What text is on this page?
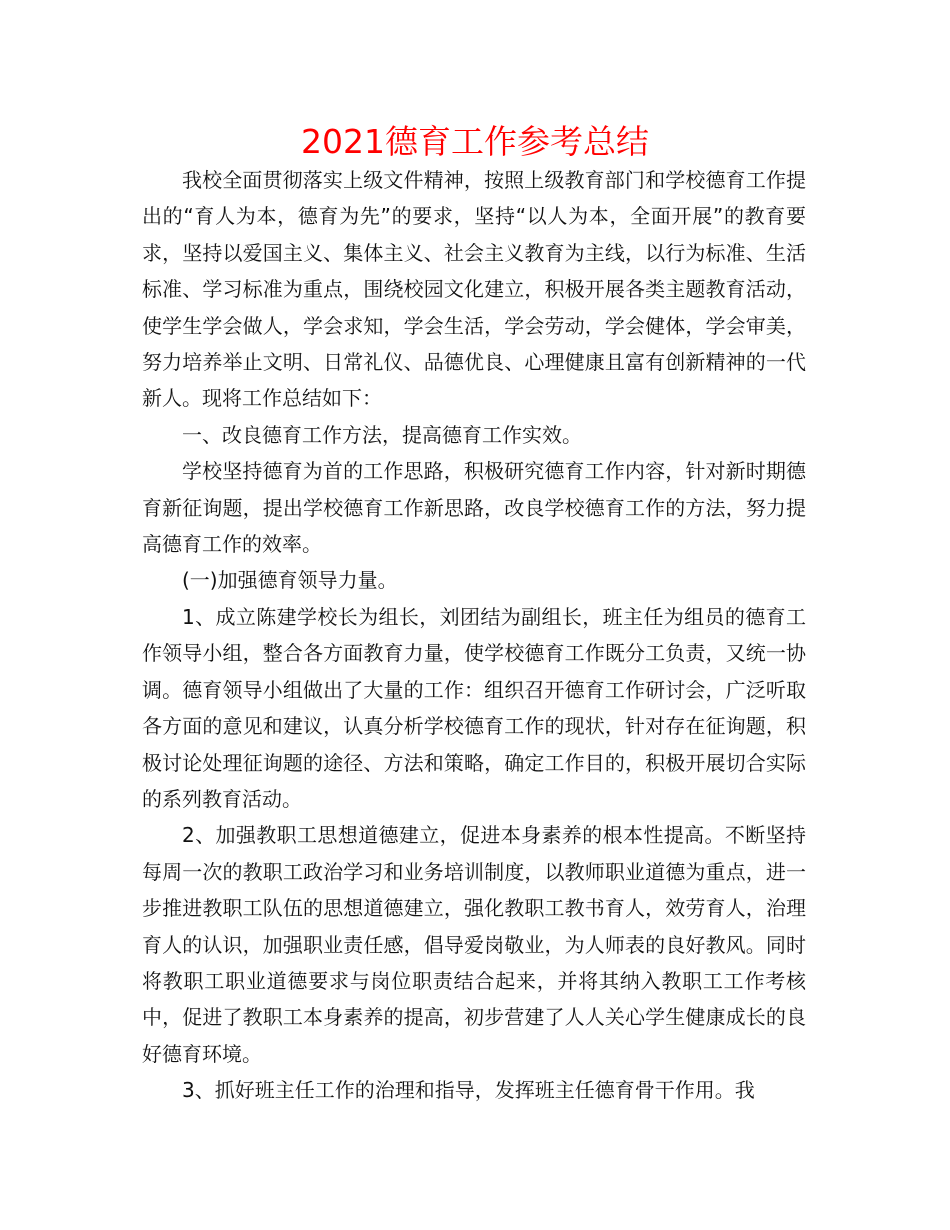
2021德育工作参考总结

我校全面贯彻落实上级文件精神，按照上级教育部门和学校德育工作提出的“育人为本，德育为先”的要求，坚持“以人为本，全面开展”的教育要求，坚持以爱国主义、集体主义、社会主义教育为主线，以行为标准、生活标准、学习标准为重点，围绕校园文化建立，积极开展各类主题教育活动，使学生学会做人，学会求知，学会生活，学会劳动，学会健体，学会审美，努力培养举止文明、日常礼仪、品德优良、心理健康且富有创新精神的一代新人。现将工作总结如下：

一、改良德育工作方法，提高德育工作实效。

学校坚持德育为首的工作思路，积极研究德育工作内容，针对新时期德育新征询题，提出学校德育工作新思路，改良学校德育工作的方法，努力提高德育工作的效率。

(一)加强德育领导力量。

1、成立陈建学校长为组长，刘团结为副组长，班主任为组员的德育工作领导小组，整合各方面教育力量，使学校德育工作既分工负责，又统一协调。德育领导小组做出了大量的工作：组织召开德育工作研讨会，广泛听取各方面的意见和建议，认真分析学校德育工作的现状，针对存在征询题，积极讨论处理征询题的途径、方法和策略，确定工作目的，积极开展切合实际的系列教育活动。

2、加强教职工思想道德建立，促进本身素养的根本性提高。不断坚持每周一次的教职工政治学习和业务培训制度，以教师职业道德为重点，进一步推进教职工队伍的思想道德建立，强化教职工教书育人，效劳育人，治理育人的认识，加强职业责任感，倡导爱岗敬业，为人师表的良好教风。同时将教职工职业道德要求与岗位职责结合起来，并将其纳入教职工工作考核中，促进了教职工本身素养的提高，初步营建了人人关心学生健康成长的良好德育环境。

3、抓好班主任工作的治理和指导，发挥班主任德育骨干作用。我
